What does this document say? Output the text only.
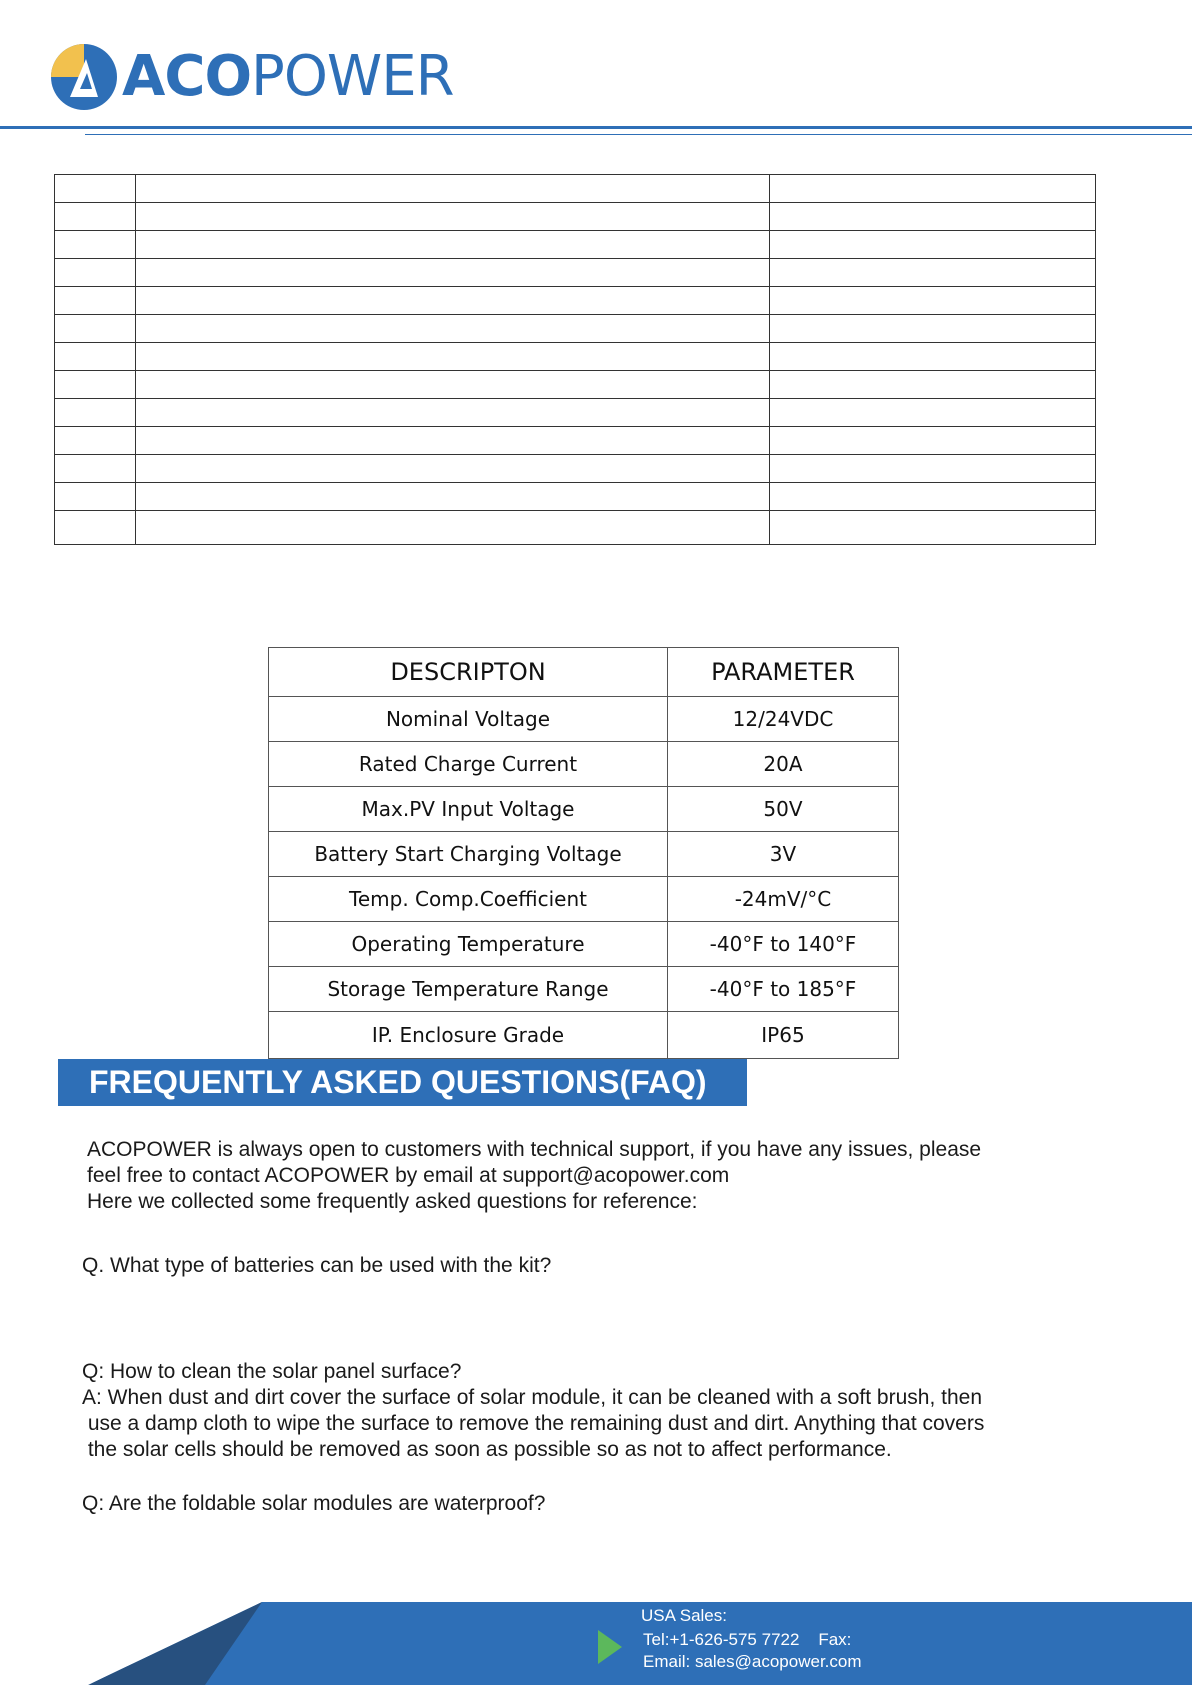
ACOPOWER

DESCRIPTON	PARAMETER
Nominal Voltage	12/24VDC
Rated Charge Current	20A
Max.PV Input Voltage	50V
Battery Start Charging Voltage	3V
Temp. Comp.Coefficient	-24mV/°C
Operating Temperature	-40°F to 140°F
Storage Temperature Range	-40°F to 185°F
IP. Enclosure Grade	IP65
FREQUENTLY ASKED QUESTIONS(FAQ)

ACOPOWER is always open to customers with technical support, if you have any issues, please

feel free to contact ACOPOWER by email at support@acopower.com

Here we collected some frequently asked questions for reference:

Q. What type of batteries can be used with the kit?

Q: How to clean the solar panel surface?

A: When dust and dirt cover the surface of solar module, it can be cleaned with a soft brush, then

use a damp cloth to wipe the surface to remove the remaining dust and dirt. Anything that covers

the solar cells should be removed as soon as possible so as not to affect performance.

Q: Are the foldable solar modules are waterproof?

USA Sales:
Tel:+1-626-575 7722    Fax:
Email: sales@acopower.com
